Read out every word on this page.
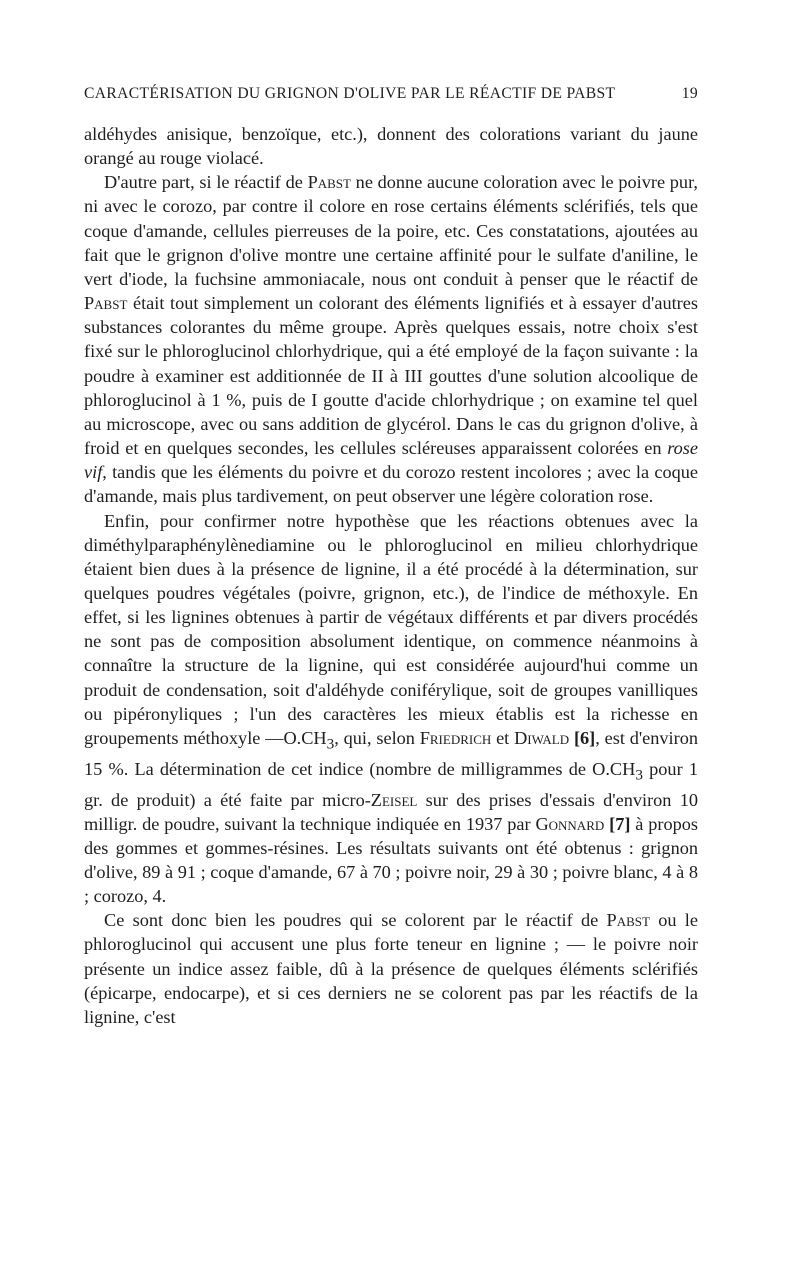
CARACTÉRISATION DU GRIGNON D'OLIVE PAR LE RÉACTIF DE PABST	19

aldéhydes anisique, benzoïque, etc.), donnent des colorations variant du jaune orangé au rouge violacé.

D'autre part, si le réactif de Pabst ne donne aucune coloration avec le poivre pur, ni avec le corozo, par contre il colore en rose certains éléments sclérifiés, tels que coque d'amande, cellules pierreuses de la poire, etc. Ces constatations, ajoutées au fait que le grignon d'olive montre une certaine affinité pour le sulfate d'aniline, le vert d'iode, la fuchsine ammoniacale, nous ont conduit à penser que le réactif de Pabst était tout simplement un colorant des éléments lignifiés et à essayer d'autres substances colorantes du même groupe. Après quelques essais, notre choix s'est fixé sur le phloroglucinol chlorhydrique, qui a été employé de la façon suivante : la poudre à examiner est additionnée de II à III gouttes d'une solution alcoolique de phloroglucinol à 1 %, puis de I goutte d'acide chlorhydrique ; on examine tel quel au microscope, avec ou sans addition de glycérol. Dans le cas du grignon d'olive, à froid et en quelques secondes, les cellules scléreuses apparaissent colorées en rose vif, tandis que les éléments du poivre et du corozo restent incolores ; avec la coque d'amande, mais plus tardivement, on peut observer une légère coloration rose.

Enfin, pour confirmer notre hypothèse que les réactions obtenues avec la diméthylparaphénylènediamine ou le phloroglucinol en milieu chlorhydrique étaient bien dues à la présence de lignine, il a été procédé à la détermination, sur quelques poudres végétales (poivre, grignon, etc.), de l'indice de méthoxyle. En effet, si les lignines obtenues à partir de végétaux différents et par divers procédés ne sont pas de composition absolument identique, on commence néanmoins à connaître la structure de la lignine, qui est considérée aujourd'hui comme un produit de condensation, soit d'aldéhyde coniférylique, soit de groupes vanilliques ou pipéronyliques ; l'un des caractères les mieux établis est la richesse en groupements méthoxyle $—O.CH_3$, qui, selon Friedrich et Diwald [6], est d'environ 15 %. La détermination de cet indice (nombre de milligrammes de $O.CH_3$ pour 1 gr. de produit) a été faite par micro-Zeisel sur des prises d'essais d'environ 10 milligr. de poudre, suivant la technique indiquée en 1937 par Gonnard [7] à propos des gommes et gommes-résines. Les résultats suivants ont été obtenus : grignon d'olive, 89 à 91 ; coque d'amande, 67 à 70 ; poivre noir, 29 à 30 ; poivre blanc, 4 à 8 ; corozo, 4.

Ce sont donc bien les poudres qui se colorent par le réactif de Pabst ou le phloroglucinol qui accusent une plus forte teneur en lignine ; — le poivre noir présente un indice assez faible, dû à la présence de quelques éléments sclérifiés (épicarpe, endocarpe), et si ces derniers ne se colorent pas par les réactifs de la lignine, c'est
